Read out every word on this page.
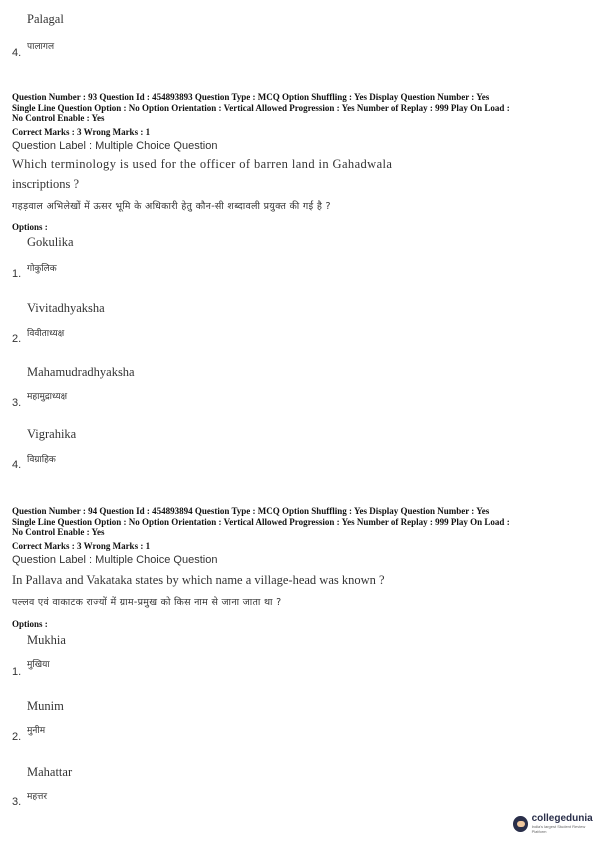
Palagal
पालागल
4.
Question Number : 93 Question Id : 454893893 Question Type : MCQ Option Shuffling : Yes Display Question Number : Yes
Single Line Question Option : No Option Orientation : Vertical Allowed Progression : Yes Number of Replay : 999 Play On Load :
No Control Enable : Yes
Correct Marks : 3 Wrong Marks : 1
Question Label : Multiple Choice Question
Which terminology is used for the officer of barren land in Gahadwala
inscriptions ?
गहड़वाल अभिलेखों में ऊसर भूमि के अधिकारी हेतु कौन-सी शब्दावली प्रयुक्त की गई है ?
Options :
Gokulika
गोकुलिक
1.
Vivitadhyaksha
विवीताध्यक्ष
2.
Mahamudradhyaksha
महामुद्राध्यक्ष
3.
Vigrahika
विग्राहिक
4.
Question Number : 94 Question Id : 454893894 Question Type : MCQ Option Shuffling : Yes Display Question Number : Yes
Single Line Question Option : No Option Orientation : Vertical Allowed Progression : Yes Number of Replay : 999 Play On Load :
No Control Enable : Yes
Correct Marks : 3 Wrong Marks : 1
Question Label : Multiple Choice Question
In Pallava and Vakataka states by which name a village-head was known ?
पल्लव एवं वाकाटक राज्यों में ग्राम-प्रमुख को किस नाम से जाना जाता था ?
Options :
Mukhia
मुखिया
1.
Munim
मुनीम
2.
Mahattar
महत्तर
3.
collegedunia
India's largest Student Review Platform
